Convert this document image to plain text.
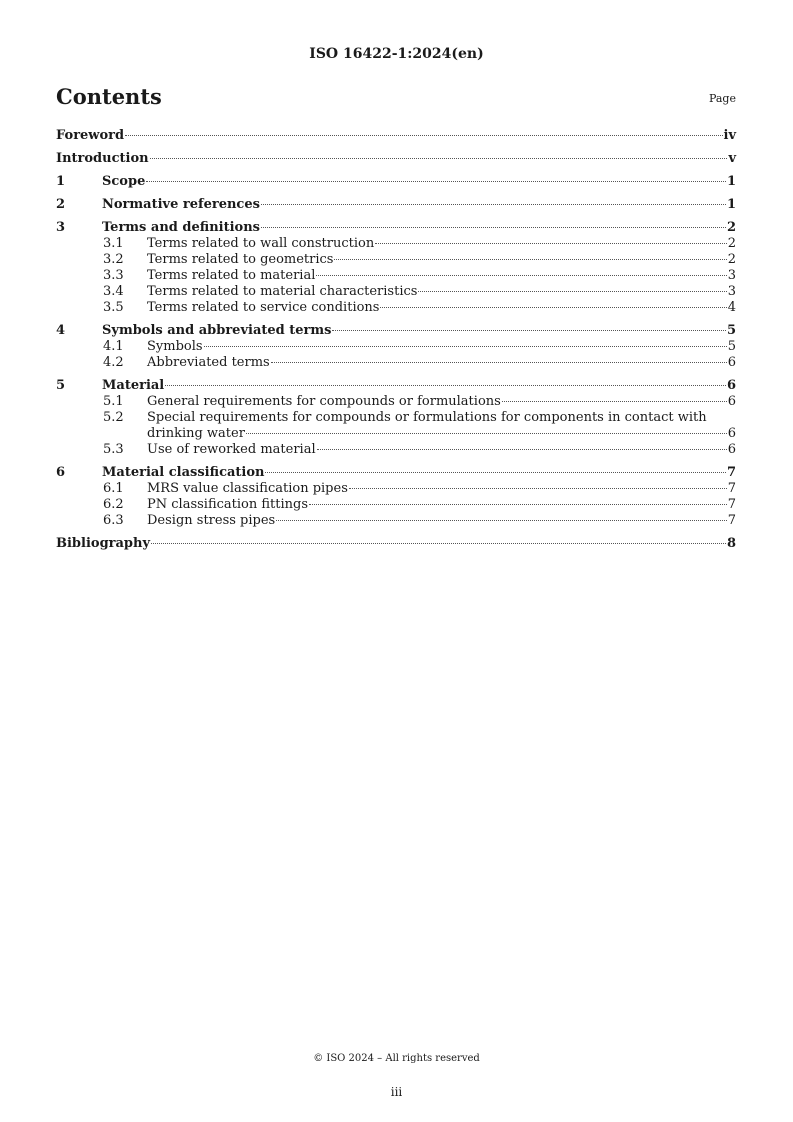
ISO 16422-1:2024(en)
Contents	Page
Foreword	iv
Introduction	v
1	Scope	1
2	Normative references	1
3	Terms and definitions	2
3.1	Terms related to wall construction	2
3.2	Terms related to geometrics	2
3.3	Terms related to material	3
3.4	Terms related to material characteristics	3
3.5	Terms related to service conditions	4
4	Symbols and abbreviated terms	5
4.1	Symbols	5
4.2	Abbreviated terms	6
5	Material	6
5.1	General requirements for compounds or formulations	6
5.2	Special requirements for compounds or formulations for components in contact with
drinking water	6
5.3	Use of reworked material	6
6	Material classification	7
6.1	MRS value classification pipes	7
6.2	PN classification fittings	7
6.3	Design stress pipes	7
Bibliography	8
© ISO 2024 – All rights reserved
iii
